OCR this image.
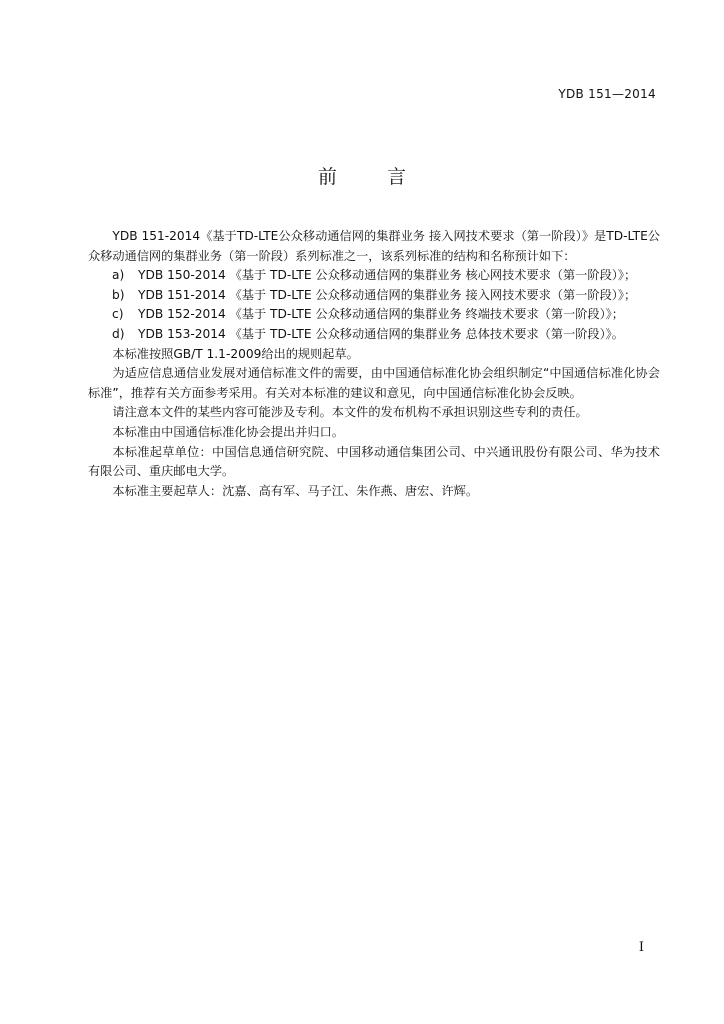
YDB 151—2014
前 言

YDB 151-2014《基于TD-LTE公众移动通信网的集群业务 接入网技术要求（第一阶段）》是TD-LTE公众移动通信网的集群业务（第一阶段）系列标准之一，该系列标准的结构和名称预计如下：

a) YDB 150-2014 《基于 TD-LTE 公众移动通信网的集群业务 核心网技术要求（第一阶段）》；

b) YDB 151-2014 《基于 TD-LTE 公众移动通信网的集群业务 接入网技术要求（第一阶段）》；

c) YDB 152-2014 《基于 TD-LTE 公众移动通信网的集群业务 终端技术要求（第一阶段）》；

d) YDB 153-2014 《基于 TD-LTE 公众移动通信网的集群业务 总体技术要求（第一阶段）》。

本标准按照GB/T 1.1-2009给出的规则起草。

为适应信息通信业发展对通信标准文件的需要，由中国通信标准化协会组织制定“中国通信标准化协会标准”，推荐有关方面参考采用。有关对本标准的建议和意见，向中国通信标准化协会反映。

请注意本文件的某些内容可能涉及专利。本文件的发布机构不承担识别这些专利的责任。

本标准由中国通信标准化协会提出并归口。

本标准起草单位：中国信息通信研究院、中国移动通信集团公司、中兴通讯股份有限公司、华为技术有限公司、重庆邮电大学。

本标准主要起草人：沈嘉、高有军、马子江、朱作燕、唐宏、许辉。

I
